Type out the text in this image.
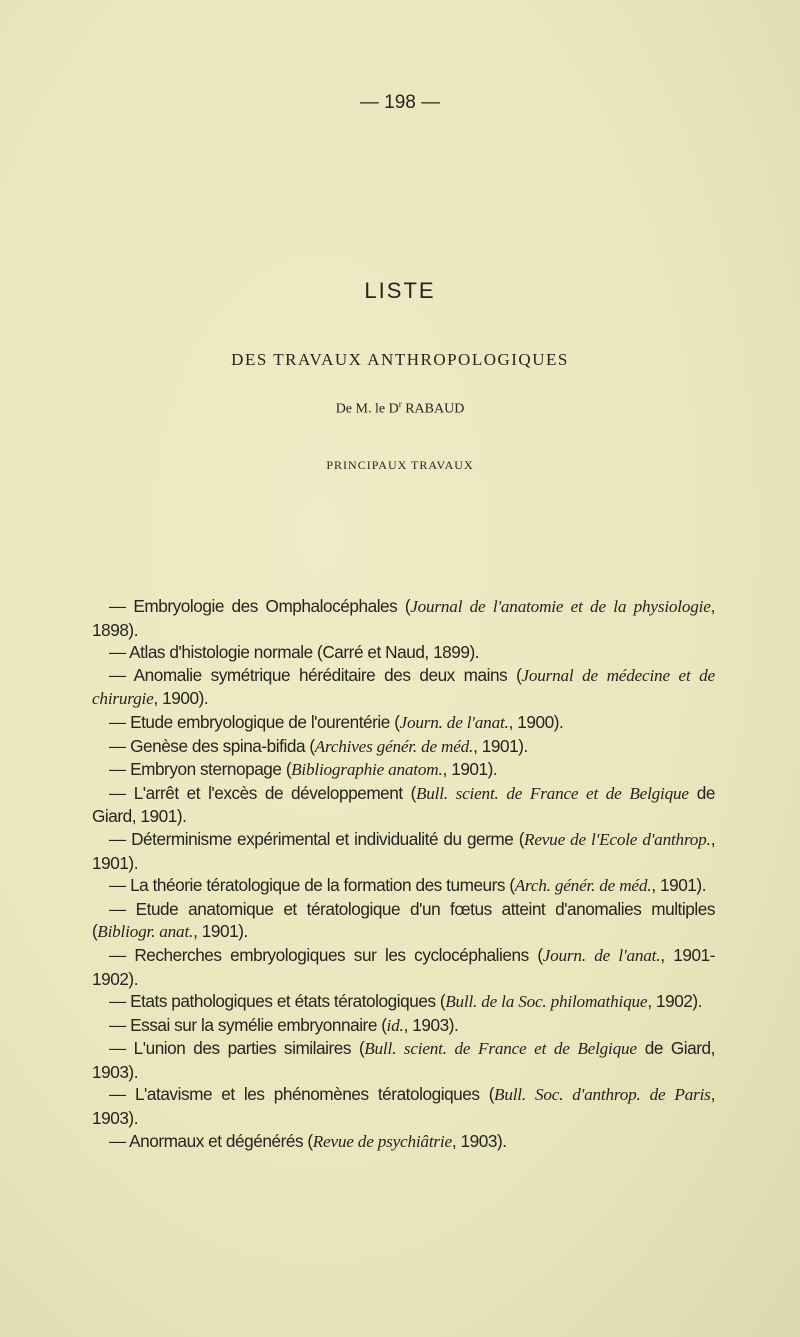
— 198 —
LISTE
DES TRAVAUX ANTHROPOLOGIQUES
De M. le $D^r$ RABAUD
PRINCIPAUX TRAVAUX

— Embryologie des Omphalocéphales (Journal de l'anatomie et de la physiologie, 1898).

— Atlas d'histologie normale (Carré et Naud, 1899).

— Anomalie symétrique héréditaire des deux mains (Journal de médecine et de chirurgie, 1900).

— Etude embryologique de l'ourentérie (Journ. de l'anat., 1900).

— Genèse des spina-bifida (Archives génér. de méd., 1901).

— Embryon sternopage (Bibliographie anatom., 1901).

— L'arrêt et l'excès de développement (Bull. scient. de France et de Belgique de Giard, 1901).

— Déterminisme expérimental et individualité du germe (Revue de l'Ecole d'anthrop., 1901).

— La théorie tératologique de la formation des tumeurs (Arch. génér. de méd., 1901).

— Etude anatomique et tératologique d'un fœtus atteint d'anomalies multiples (Bibliogr. anat., 1901).

— Recherches embryologiques sur les cyclocéphaliens (Journ. de l'anat., 1901-1902).

— Etats pathologiques et états tératologiques (Bull. de la Soc. philomathique, 1902).

— Essai sur la symélie embryonnaire (id., 1903).

— L'union des parties similaires (Bull. scient. de France et de Belgique de Giard, 1903).

— L'atavisme et les phénomènes tératologiques (Bull. Soc. d'anthrop. de Paris, 1903).

— Anormaux et dégénérés (Revue de psychiâtrie, 1903).
